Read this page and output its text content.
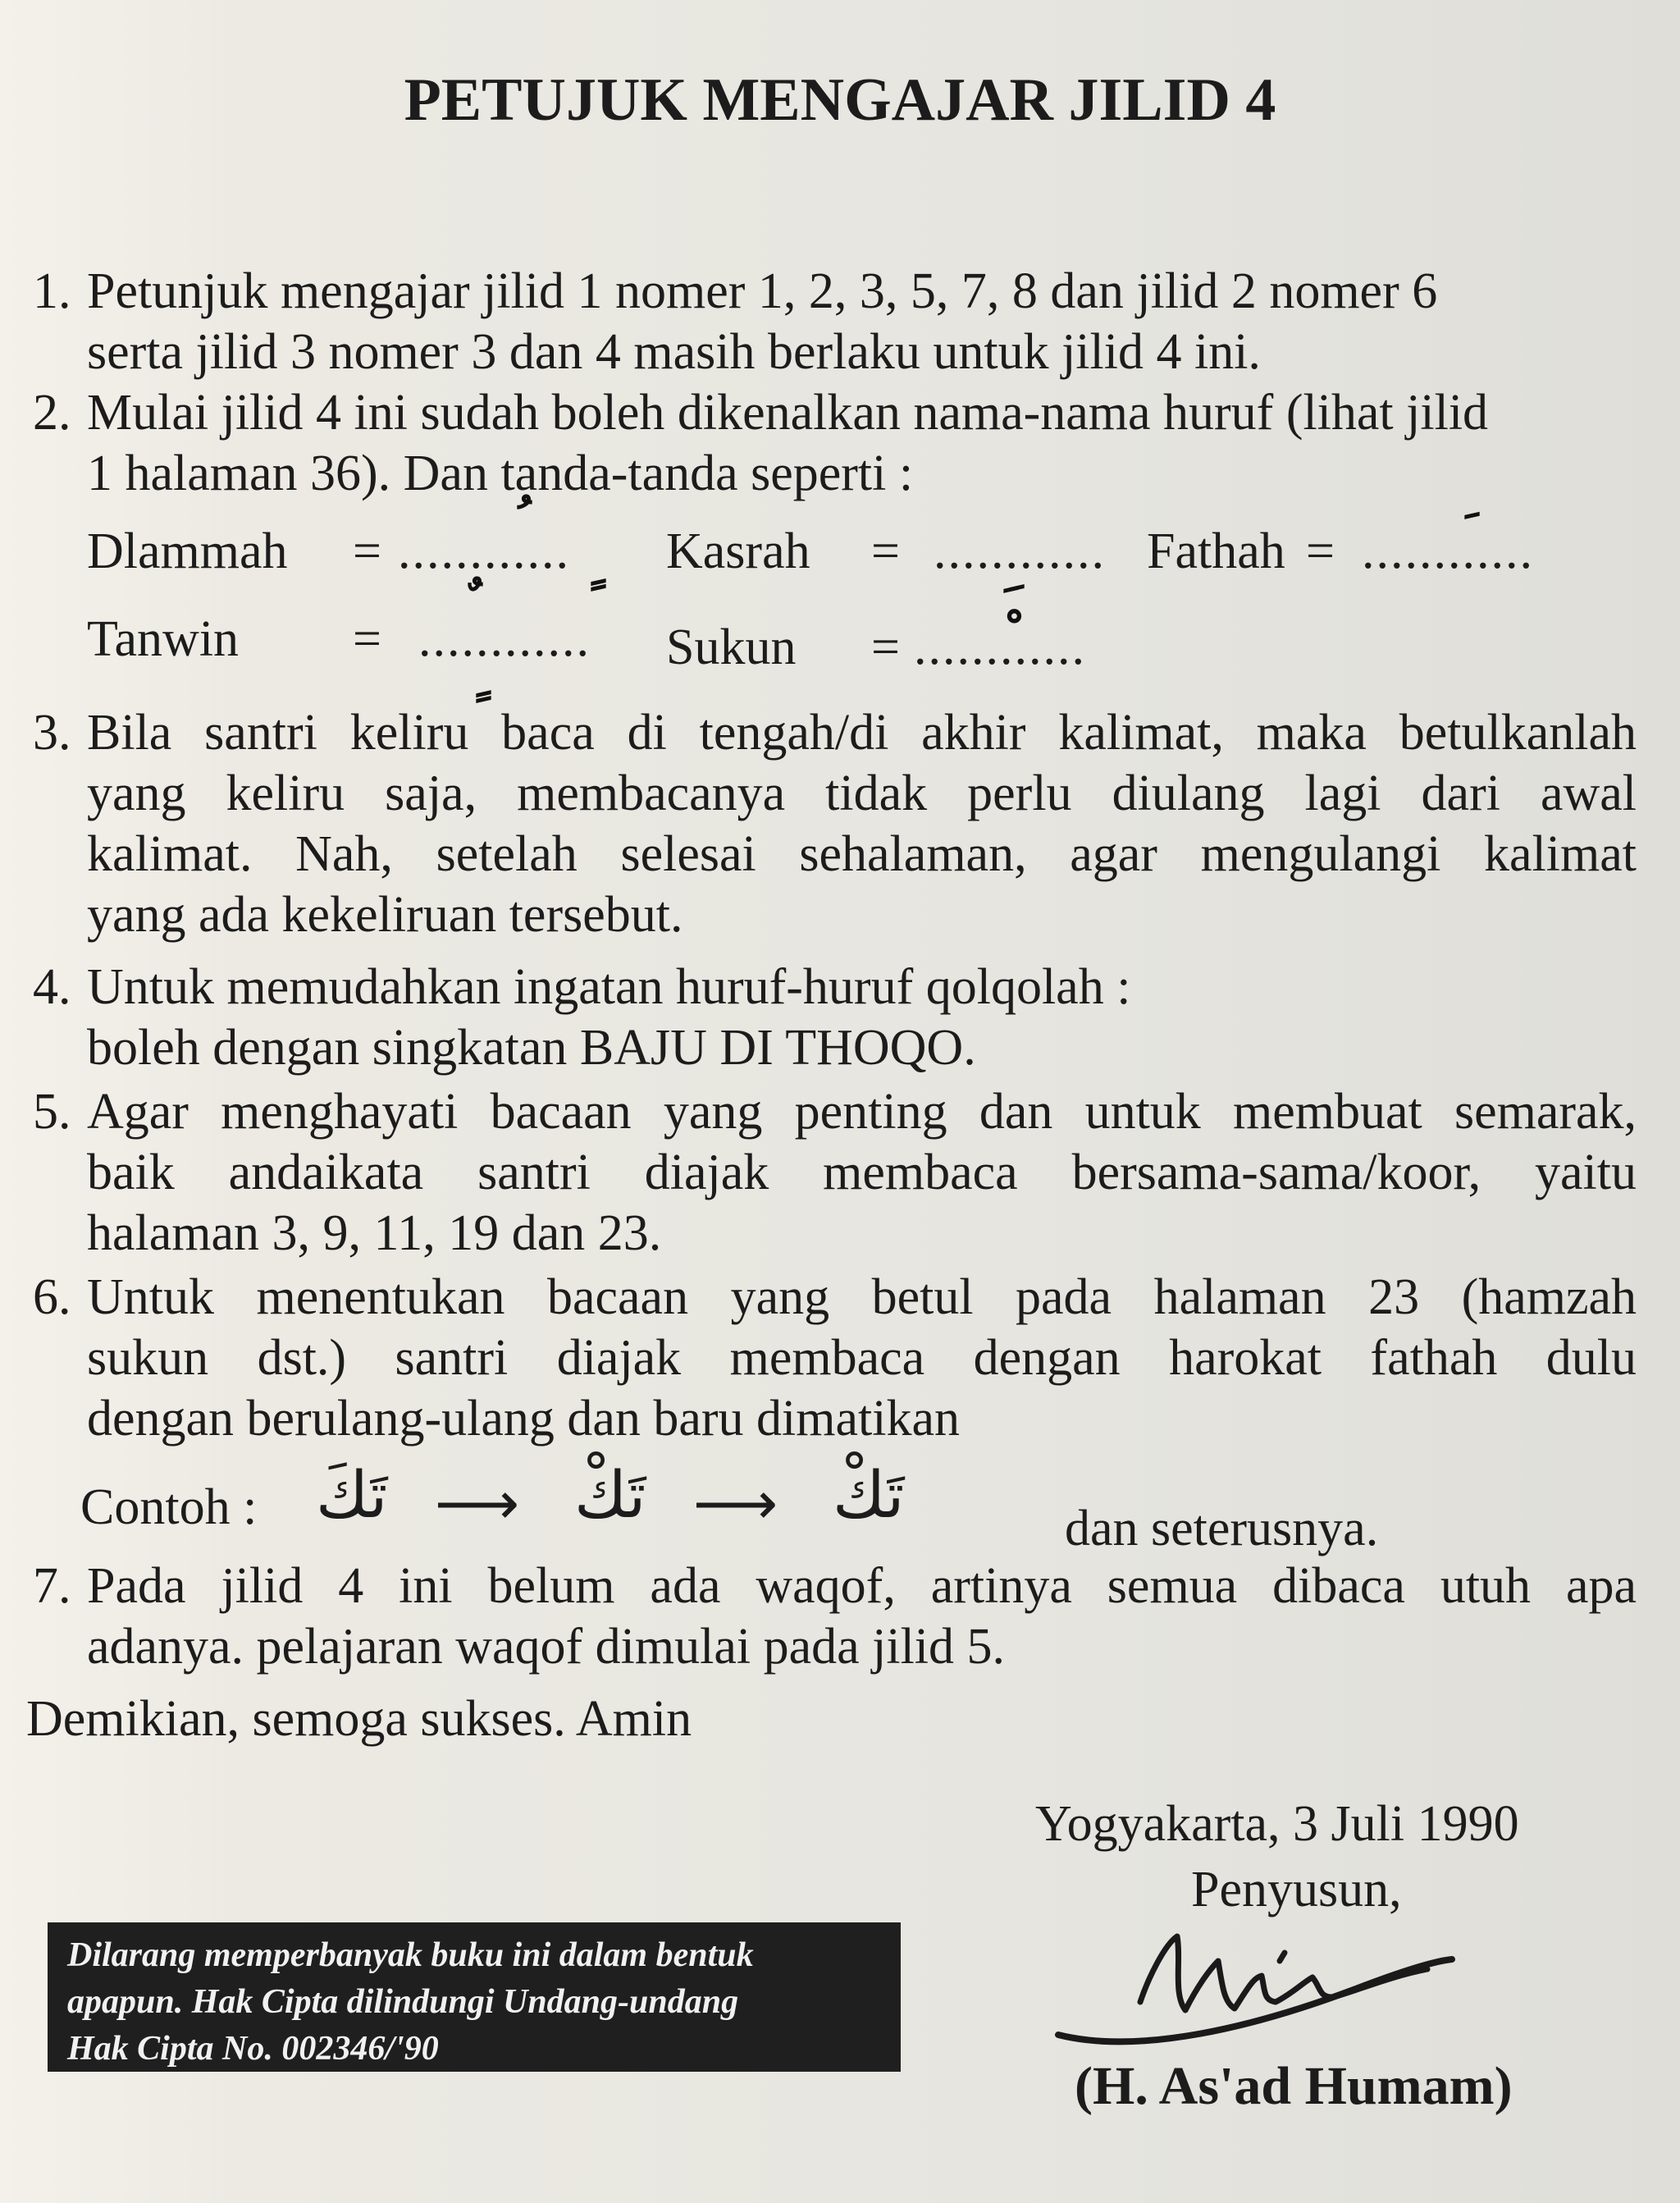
PETUJUK MENGAJAR JILID 4
1. Petunjuk mengajar jilid 1 nomer 1, 2, 3, 5, 7, 8 dan jilid 2 nomer 6
serta jilid 3 nomer 3 dan 4 masih berlaku untuk jilid 4 ini.
2. Mulai jilid 4 ini sudah boleh dikenalkan nama-nama huruf (lihat jilid
1 halaman 36). Dan tanda-tanda seperti :
Dlammah = ............ Kasrah = ............ Fathah = ............
Tanwin = ............ Sukun = ............
3. Bila santri keliru baca di tengah/di akhir kalimat, maka betulkanlah
yang keliru saja, membacanya tidak perlu diulang lagi dari awal
kalimat. Nah, setelah selesai sehalaman, agar mengulangi kalimat
yang ada kekeliruan tersebut.
4. Untuk memudahkan ingatan huruf-huruf qolqolah :
boleh dengan singkatan BAJU DI THOQO.
5. Agar menghayati bacaan yang penting dan untuk membuat semarak,
baik andaikata santri diajak membaca bersama-sama/koor, yaitu
halaman 3, 9, 11, 19 dan 23.
6. Untuk menentukan bacaan yang betul pada halaman 23 (hamzah
sukun dst.) santri diajak membaca dengan harokat fathah dulu
dengan berulang-ulang dan baru dimatikan
Contoh : تَكَ ⟶ تَكْ ⟶ تَكْ	dan seterusnya.
7. Pada jilid 4 ini belum ada waqof, artinya semua dibaca utuh apa
adanya. pelajaran waqof dimulai pada jilid 5.
Demikian, semoga sukses. Amin
Yogyakarta, 3 Juli 1990
Penyusun,
(H. As'ad Humam)
Dilarang memperbanyak buku ini dalam bentuk
apapun. Hak Cipta dilindungi Undang-undang
Hak Cipta No. 002346/'90
